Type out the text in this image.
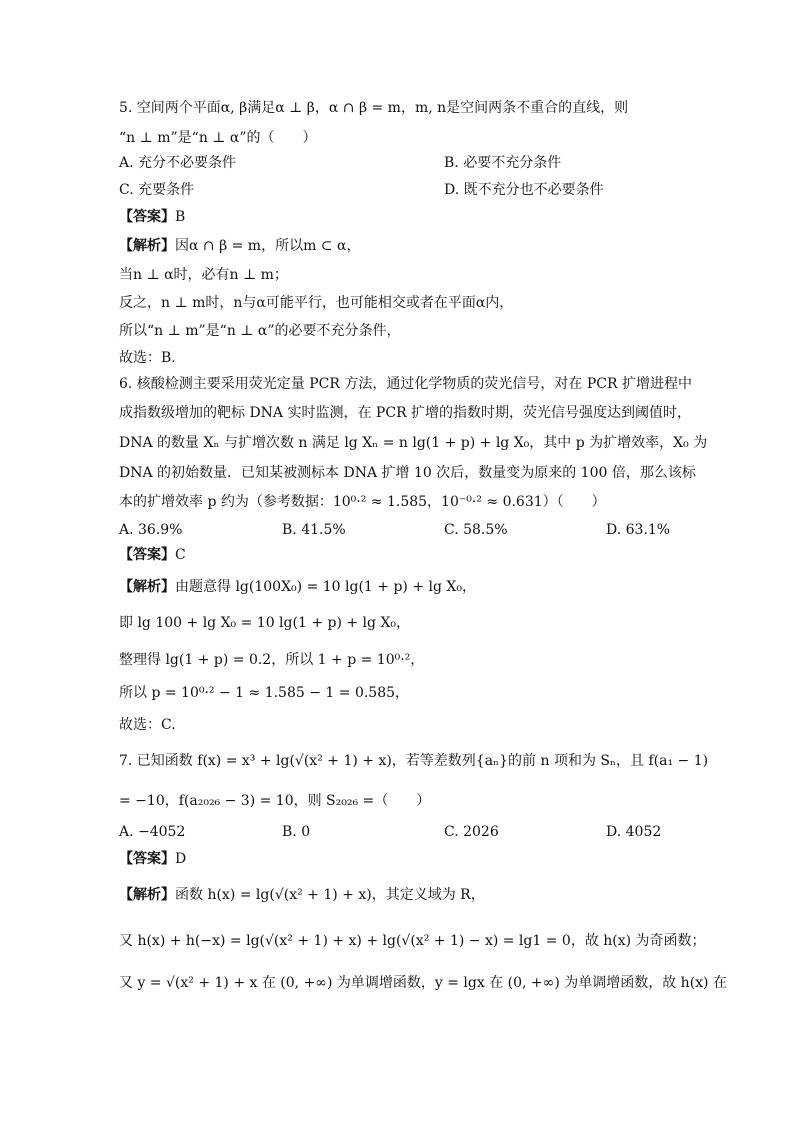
5. 空间两个平面α, β满足α ⊥ β，α ∩ β = m，m, n是空间两条不重合的直线，则
“n ⊥ m”是“n ⊥ α”的（　　）
A. 充分不必要条件	B. 必要不充分条件
C. 充要条件	D. 既不充分也不必要条件
【答案】B
【解析】因α ∩ β = m，所以m ⊂ α，
当n ⊥ α时，必有n ⊥ m；
反之，n ⊥ m时，n与α可能平行，也可能相交或者在平面α内，
所以“n ⊥ m”是“n ⊥ α”的必要不充分条件，
故选：B.
6. 核酸检测主要采用荧光定量 PCR 方法，通过化学物质的荧光信号，对在 PCR 扩增进程中
成指数级增加的靶标 DNA 实时监测，在 PCR 扩增的指数时期，荧光信号强度达到阈值时，
DNA 的数量 Xₙ 与扩增次数 n 满足 lg Xₙ = n lg(1 + p) + lg X₀，其中 p 为扩增效率，X₀ 为
DNA 的初始数量．已知某被测标本 DNA 扩增 10 次后，数量变为原来的 100 倍，那么该标
本的扩增效率 p 约为（参考数据：10⁰·² ≈ 1.585，10⁻⁰·² ≈ 0.631）（　　）
A. 36.9%	B. 41.5%	C. 58.5%	D. 63.1%
【答案】C
【解析】由题意得 lg(100X₀) = 10 lg(1 + p) + lg X₀，
即 lg 100 + lg X₀ = 10 lg(1 + p) + lg X₀，
整理得 lg(1 + p) = 0.2，所以 1 + p = 10⁰·²，
所以 p = 10⁰·² − 1 ≈ 1.585 − 1 = 0.585，
故选：C.
7. 已知函数 f(x) = x³ + lg(√(x² + 1) + x)，若等差数列{aₙ}的前 n 项和为 Sₙ，且 f(a₁ − 1)
= −10，f(a₂₀₂₆ − 3) = 10，则 S₂₀₂₆ =（　　）
A. −4052	B. 0	C. 2026	D. 4052
【答案】D
【解析】函数 h(x) = lg(√(x² + 1) + x)，其定义域为 R，
又 h(x) + h(−x) = lg(√(x² + 1) + x) + lg(√(x² + 1) − x) = lg1 = 0，故 h(x) 为奇函数；
又 y = √(x² + 1) + x 在 (0, +∞) 为单调增函数，y = lgx 在 (0, +∞) 为单调增函数，故 h(x) 在
